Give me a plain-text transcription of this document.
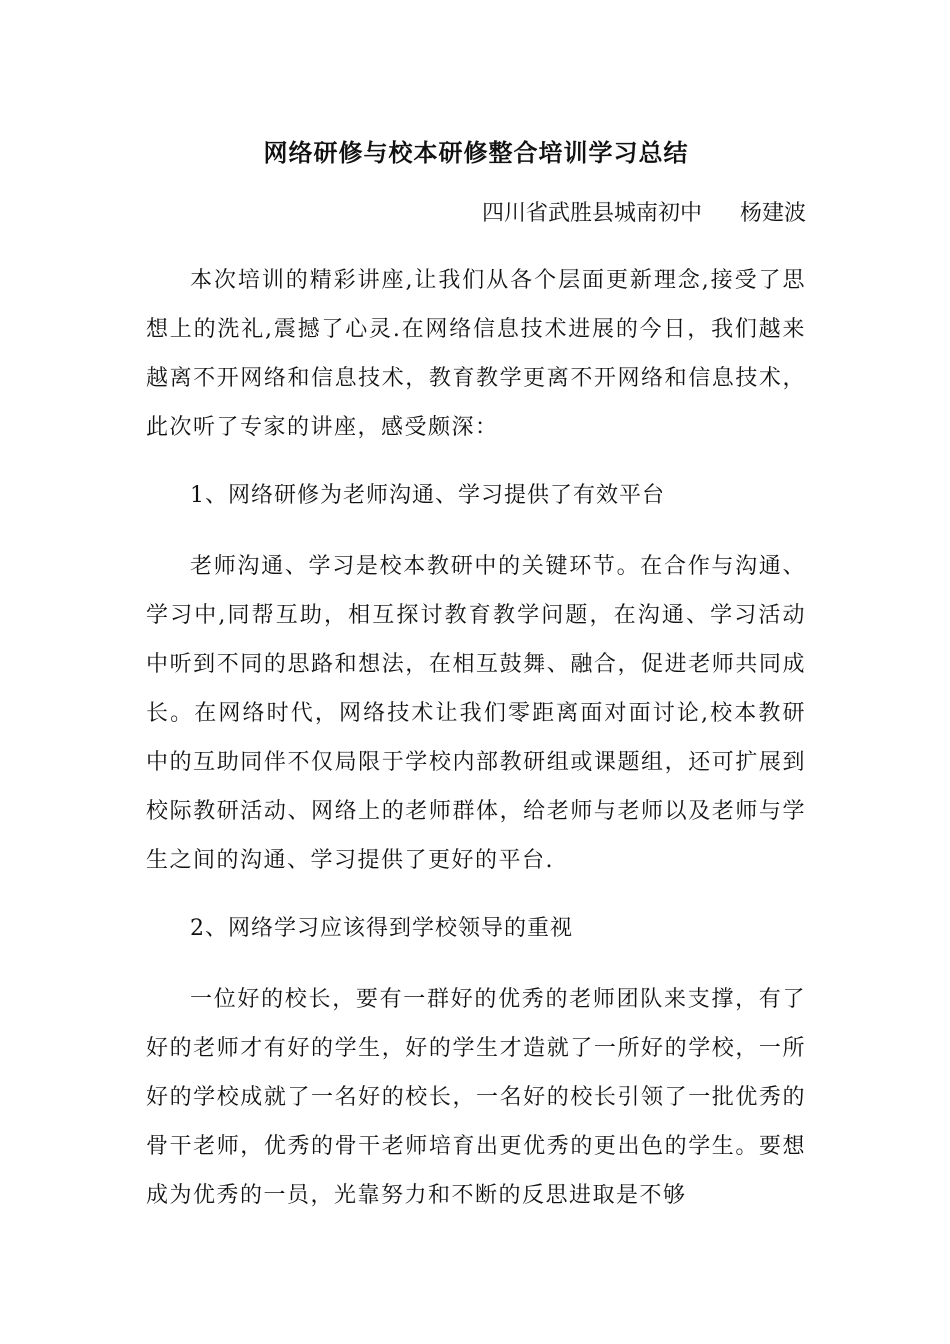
网络研修与校本研修整合培训学习总结
四川省武胜县城南初中 杨建波

本次培训的精彩讲座,让我们从各个层面更新理念,接受了思想上的洗礼,震撼了心灵.在网络信息技术进展的今日，我们越来越离不开网络和信息技术，教育教学更离不开网络和信息技术，此次听了专家的讲座，感受颇深：

1、网络研修为老师沟通、学习提供了有效平台

老师沟通、学习是校本教研中的关键环节。在合作与沟通、学习中,同帮互助，相互探讨教育教学问题，在沟通、学习活动中听到不同的思路和想法，在相互鼓舞、融合，促进老师共同成长。在网络时代，网络技术让我们零距离面对面讨论,校本教研中的互助同伴不仅局限于学校内部教研组或课题组，还可扩展到校际教研活动、网络上的老师群体，给老师与老师以及老师与学生之间的沟通、学习提供了更好的平台.

2、网络学习应该得到学校领导的重视

一位好的校长，要有一群好的优秀的老师团队来支撑，有了好的老师才有好的学生，好的学生才造就了一所好的学校，一所好的学校成就了一名好的校长，一名好的校长引领了一批优秀的骨干老师，优秀的骨干老师培育出更优秀的更出色的学生。要想成为优秀的一员，光靠努力和不断的反思进取是不够
